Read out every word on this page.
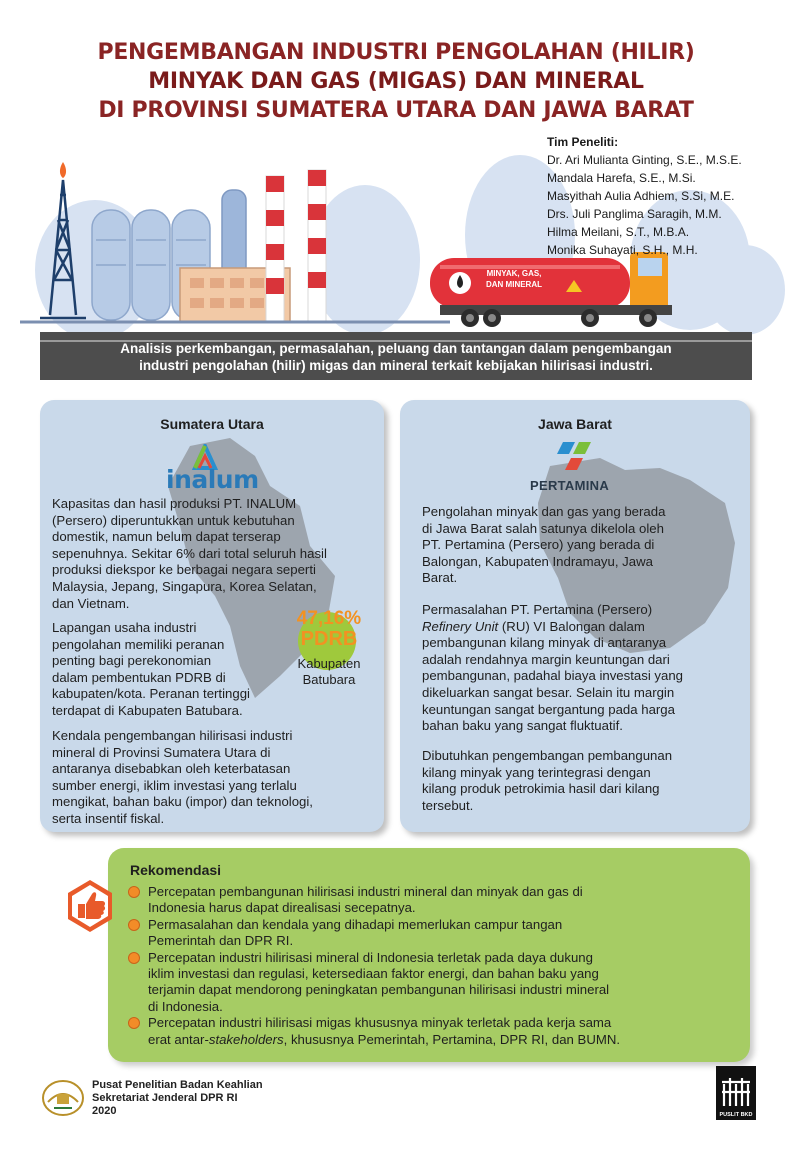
PENGEMBANGAN INDUSTRI PENGOLAHAN (HILIR)
MINYAK DAN GAS (MIGAS) DAN MINERAL
DI PROVINSI SUMATERA UTARA DAN JAWA BARAT
MINYAK, GAS,
DAN MINERAL
Tim Peneliti:
Dr. Ari Mulianta Ginting, S.E., M.S.E.
Mandala Harefa, S.E., M.Si.
Masyithah Aulia Adhiem, S.Si, M.E.
Drs. Juli Panglima Saragih, M.M.
Hilma Meilani, S.T., M.B.A.
Monika Suhayati, S.H., M.H.
Analisis perkembangan, permasalahan, peluang dan tantangan dalam pengembangan
industri pengolahan (hilir) migas dan mineral terkait kebijakan hilirisasi industri.
Sumatera Utara
Kapasitas dan hasil produksi PT. INALUM
(Persero) diperuntukkan untuk kebutuhan
domestik, namun belum dapat terserap
sepenuhnya. Sekitar 6% dari total seluruh hasil
produksi diekspor ke berbagai negara seperti
Malaysia, Jepang, Singapura, Korea Selatan,
dan Vietnam.
Lapangan usaha industri
pengolahan memiliki peranan
penting bagi perekonomian
dalam pembentukan PDRB di
kabupaten/kota. Peranan tertinggi
terdapat di Kabupaten Batubara.
Kendala pengembangan hilirisasi industri
mineral di Provinsi Sumatera Utara di
antaranya disebabkan oleh keterbatasan
sumber energi, iklim investasi yang terlalu
mengikat, bahan baku (impor) dan teknologi,
serta insentif fiskal.
inalum
47,16%
PDRB
Kabupaten
Batubara
Jawa Barat
Pengolahan minyak dan gas yang berada
di Jawa Barat salah satunya dikelola oleh
PT. Pertamina (Persero) yang berada di
Balongan, Kabupaten Indramayu, Jawa
Barat.
Permasalahan PT. Pertamina (Persero)
Refinery Unit (RU) VI Balongan dalam
pembangunan kilang minyak di antaranya
adalah rendahnya margin keuntungan dari
pembangunan, padahal biaya investasi yang
dikeluarkan sangat besar. Selain itu margin
keuntungan sangat bergantung pada harga
bahan baku yang sangat fluktuatif.
Dibutuhkan pengembangan pembangunan
kilang minyak yang terintegrasi dengan
kilang produk petrokimia hasil dari kilang
tersebut.
PERTAMINA
Rekomendasi
Percepatan pembangunan hilirisasi industri mineral dan minyak dan gas di
Indonesia harus dapat direalisasi secepatnya.
Permasalahan dan kendala yang dihadapi memerlukan campur tangan
Pemerintah dan DPR RI.
Percepatan industri hilirisasi mineral di Indonesia terletak pada daya dukung
iklim investasi dan regulasi, ketersediaan faktor energi, dan bahan baku yang
terjamin dapat mendorong peningkatan pembangunan hilirisasi industri mineral
di Indonesia.
Percepatan industri hilirisasi migas khususnya minyak terletak pada kerja sama
erat antar-stakeholders, khususnya Pemerintah, Pertamina, DPR RI, dan BUMN.
Pusat Penelitian Badan Keahlian
Sekretariat Jenderal DPR RI
2020	PUSLIT BKD
